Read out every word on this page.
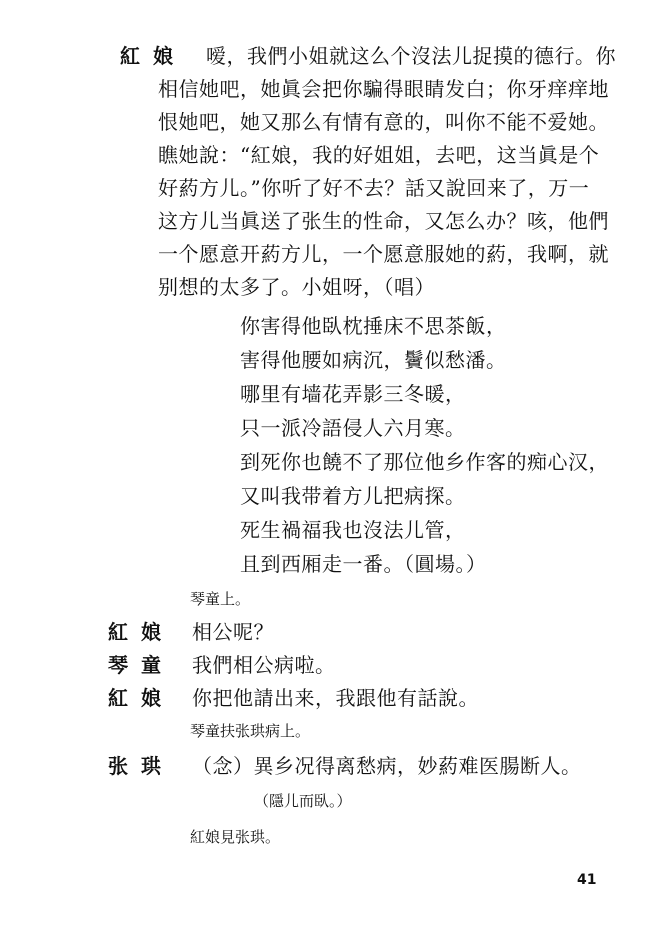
紅娘 嗳，我們小姐就这么个沒法儿捉摸的德行。你
相信她吧，她眞会把你騙得眼睛发白；你牙痒痒地
恨她吧，她又那么有情有意的，叫你不能不爱她。
瞧她說：“紅娘，我的好姐姐，去吧，这当眞是个
好葯方儿。”你听了好不去？話又說回来了，万一
这方儿当眞送了张生的性命，又怎么办？咳，他們
一个愿意开葯方儿，一个愿意服她的葯，我啊，就
别想的太多了。小姐呀，（唱）
你害得他臥枕捶床不思茶飯，
害得他腰如病沉，鬢似愁潘。
哪里有墙花弄影三冬暖，
只一派冷語侵人六月寒。
到死你也饒不了那位他乡作客的痴心汉，
又叫我带着方儿把病探。
死生禍福我也沒法儿管，
且到西厢走一番。（圓場。）
琴童上。
紅娘 相公呢？
琴童 我們相公病啦。
紅娘 你把他請出来，我跟他有話說。
琴童扶张珙病上。
张珙 （念）異乡况得离愁病，妙葯难医腸断人。
（隱儿而臥。）
紅娘見张珙。
41
